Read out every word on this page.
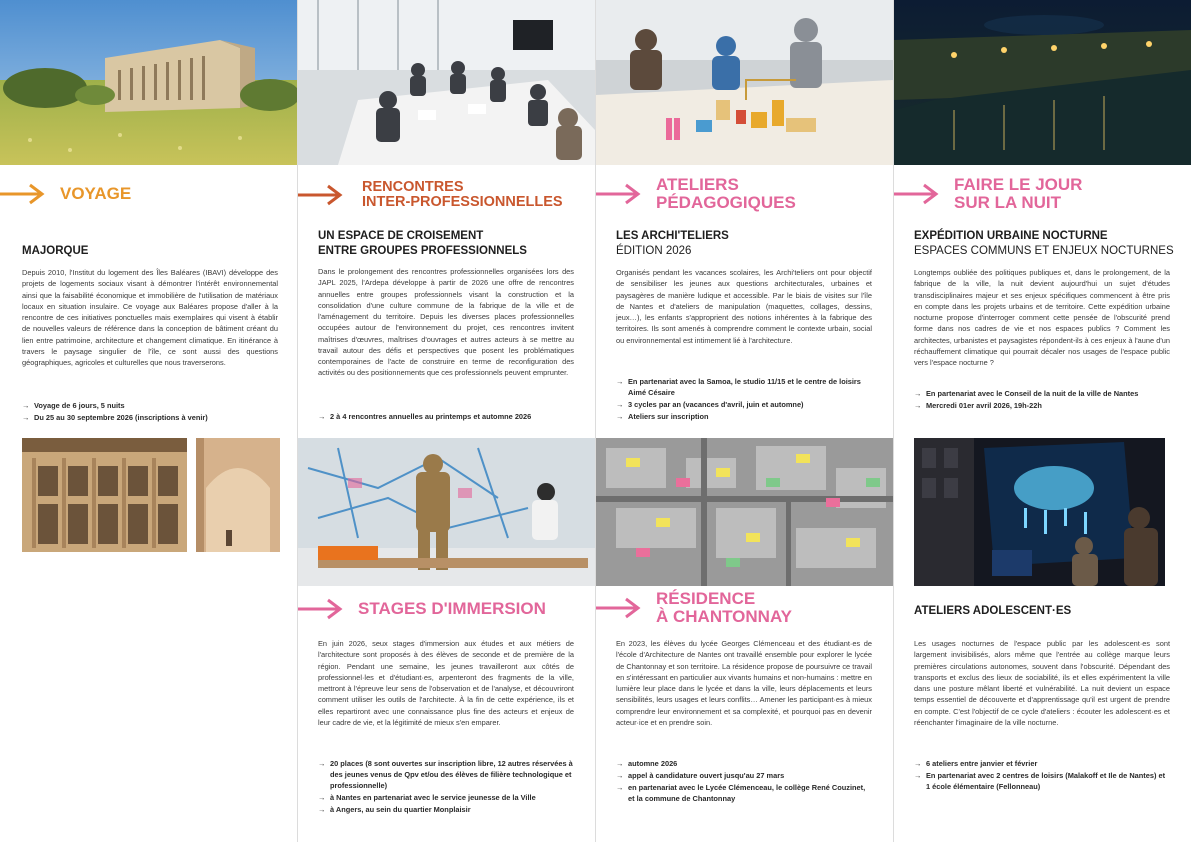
VOYAGE
MAJORQUE
Depuis 2010, l'Institut du logement des Îles Baléares (IBAVI) développe des projets de logements sociaux visant à démontrer l'intérêt environnemental ainsi que la faisabilité économique et immobilière de l'utilisation de matériaux locaux en situation insulaire. Ce voyage aux Baléares propose d'aller à la rencontre de ces initiatives ponctuelles mais exemplaires qui visent à établir de nouvelles valeurs de référence dans la conception de bâtiment créant du lien entre patrimoine, architecture et changement climatique. En itinérance à travers le paysage singulier de l'île, ce sont aussi des questions géographiques, agricoles et culturelles que nous traverserons.
→ Voyage de 6 jours, 5 nuits
→ Du 25 au 30 septembre 2026 (inscriptions à venir)
RENCONTRES
INTER-PROFESSIONNELLES
UN ESPACE DE CROISEMENT
ENTRE GROUPES PROFESSIONNELS
Dans le prolongement des rencontres professionnelles organisées lors des JAPL 2025, l'Ardepa développe à partir de 2026 une offre de rencontres annuelles entre groupes professionnels visant la construction et la consolidation d'une culture commune de la fabrique de la ville et de l'aménagement du territoire. Depuis les diverses places professionnelles occupées autour de l'environnement du projet, ces rencontres invitent maîtrises d'œuvres, maîtrises d'ouvrages et autres acteurs à se mettre au travail autour des défis et perspectives que posent les problématiques contemporaines de l'acte de construire en terme de reconfiguration des activités ou des positionnements que ces professionnels peuvent emprunter.
→ 2 à 4 rencontres annuelles au printemps et automne 2026
STAGES D'IMMERSION
En juin 2026, seux stages d'immersion aux études et aux métiers de l'architecture sont proposés à des élèves de seconde et de première de la région. Pendant une semaine, les jeunes travailleront aux côtés de professionnel·les et d'étudiant·es, arpenteront des fragments de la ville, mettront à l'épreuve leur sens de l'observation et de l'analyse, et découvriront comment utiliser les outils de l'architecte. À la fin de cette expérience, ils et elles repartiront avec une connaissance plus fine des acteurs et enjeux de leur cadre de vie, et la légitimité de mieux s'en emparer.
→ 20 places (8 sont ouvertes sur inscription libre, 12 autres réservées à des jeunes venus de Qpv et/ou des élèves de filière technologique et professionnelle)
→ à Nantes en partenariat avec le service jeunesse de la Ville
→ à Angers, au sein du quartier Monplaisir
ATELIERS
PÉDAGOGIQUES
LES ARCHI'TELIERS
ÉDITION 2026
Organisés pendant les vacances scolaires, les Archi'teliers ont pour objectif de sensibiliser les jeunes aux questions architecturales, urbaines et paysagères de manière ludique et accessible. Par le biais de visites sur l'île de Nantes et d'ateliers de manipulation (maquettes, collages, dessins, jeux…), les enfants s'approprient des notions inhérentes à la fabrique des territoires. Ils sont amenés à comprendre comment le contexte urbain, social ou environnemental est intimement lié à l'architecture.
→ En partenariat avec la Samoa, le studio 11/15 et le centre de loisirs Aimé Césaire
→ 3 cycles par an (vacances d'avril, juin et automne)
→ Ateliers sur inscription
RÉSIDENCE
À CHANTONNAY
En 2023, les élèves du lycée Georges Clémenceau et des étudiant·es de l'école d'Architecture de Nantes ont travaillé ensemble pour explorer le lycée de Chantonnay et son territoire. La résidence propose de poursuivre ce travail en s'intéressant en particulier aux vivants humains et non-humains : mettre en lumière leur place dans le lycée et dans la ville, leurs déplacements et leurs sensibilités, leurs usages et leurs conflits… Amener les participant·es à mieux comprendre leur environnement et sa complexité, et pourquoi pas en devenir acteur·ice et en prendre soin.
→ automne 2026
→ appel à candidature ouvert jusqu'au 27 mars
→ en partenariat avec le Lycée Clémenceau, le collège René Couzinet, et la commune de Chantonnay
FAIRE LE JOUR
SUR LA NUIT
EXPÉDITION URBAINE NOCTURNE
ESPACES COMMUNS ET ENJEUX NOCTURNES
Longtemps oubliée des politiques publiques et, dans le prolongement, de la fabrique de la ville, la nuit devient aujourd'hui un sujet d'études transdisciplinaires majeur et ses enjeux spécifiques commencent à être pris en compte dans les projets urbains et de territoire. Cette expédition urbaine nocturne propose d'interroger comment cette pensée de l'obscurité prend forme dans nos cadres de vie et nos espaces publics ? Comment les architectes, urbanistes et paysagistes répondent-ils à ces enjeux à l'aune d'un réchauffement climatique qui pourrait décaler nos usages de l'espace public vers l'espace nocturne ?
→ En partenariat avec le Conseil de la nuit de la ville de Nantes
→ Mercredi 01er avril 2026, 19h-22h
ATELIERS ADOLESCENT·ES
Les usages nocturnes de l'espace public par les adolescent·es sont largement invisibilisés, alors même que l'entrée au collège marque leurs premières circulations autonomes, souvent dans l'obscurité. Dépendant des transports et exclus des lieux de sociabilité, ils et elles expérimentent la ville dans une posture mêlant liberté et vulnérabilité. La nuit devient un espace temps essentiel de découverte et d'apprentissage qu'il est urgent de prendre en compte. C'est l'objectif de ce cycle d'ateliers : écouter les adolescent·es et réenchanter l'imaginaire de la ville nocturne.
→ 6 ateliers entre janvier et février
→ En partenariat avec 2 centres de loisirs (Malakoff et Ile de Nantes) et 1 école élémentaire (Fellonneau)
